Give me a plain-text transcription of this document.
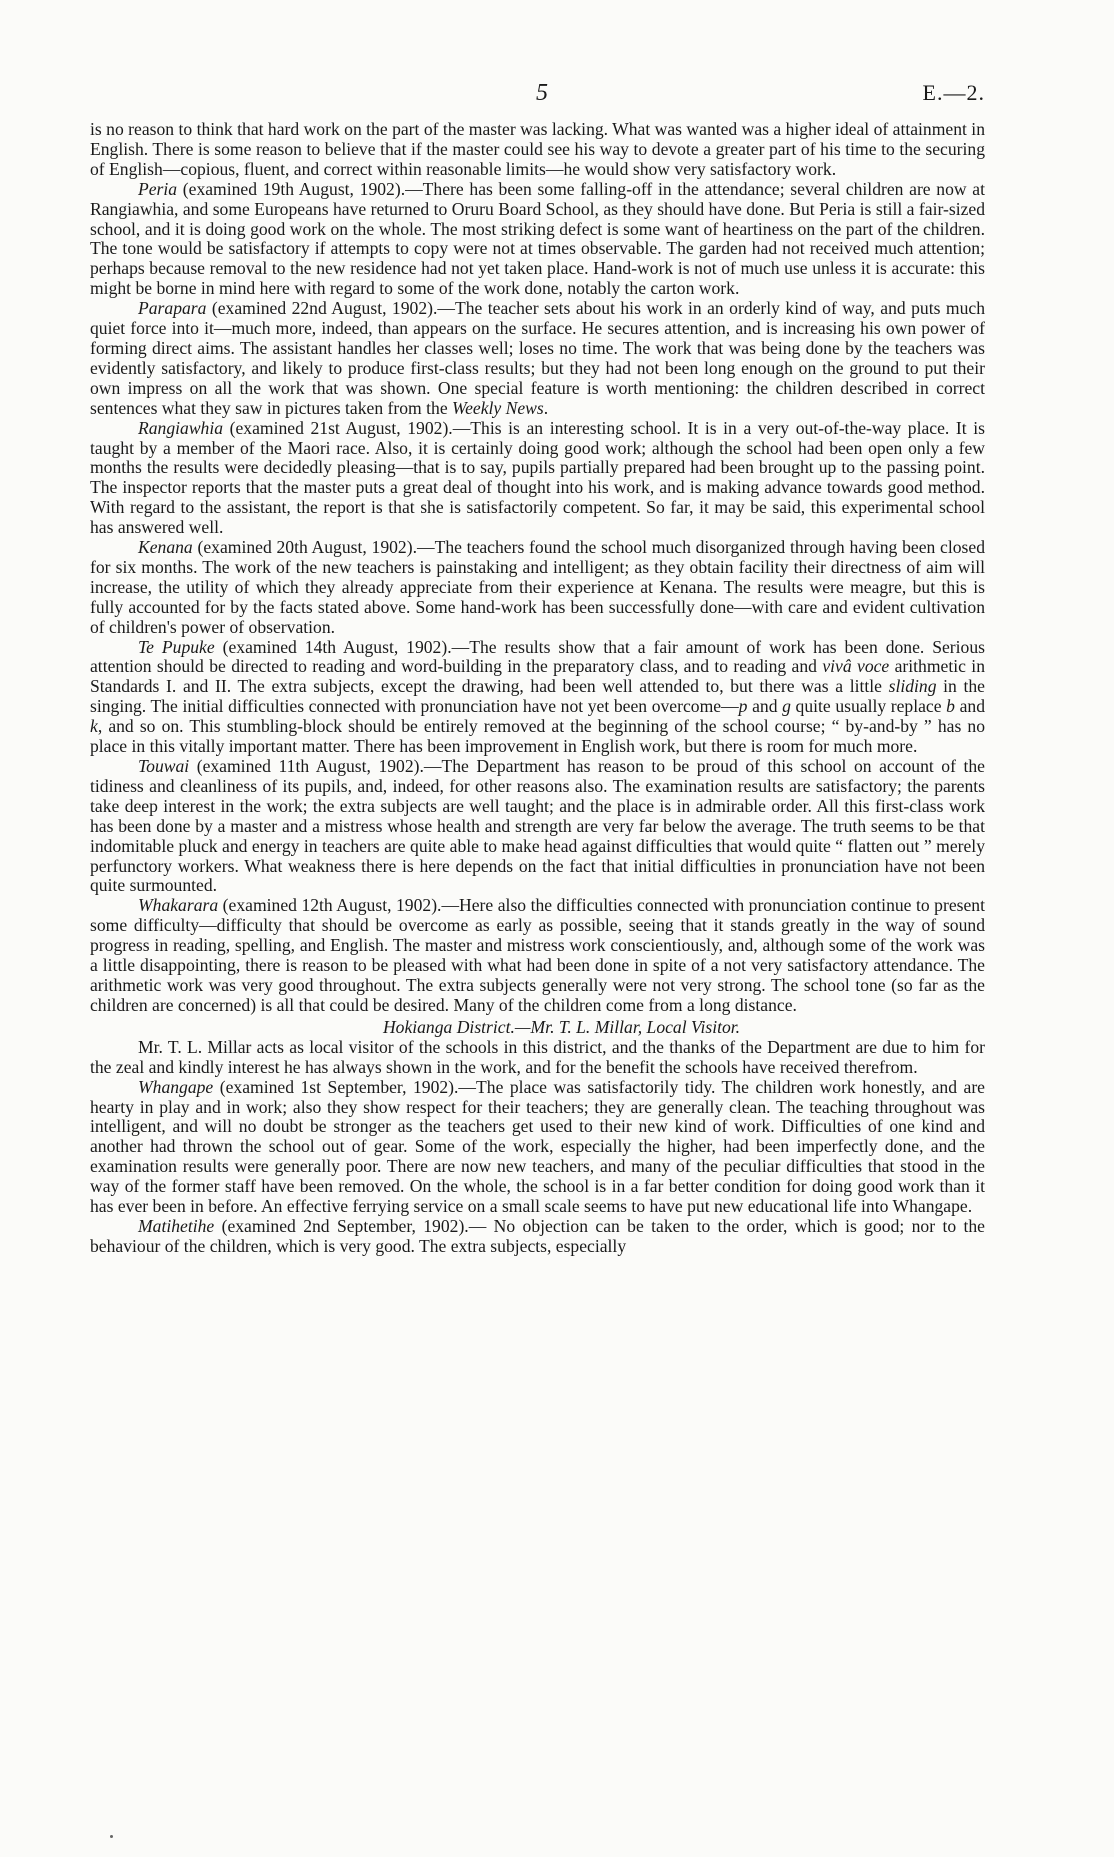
5	E.—2.

is no reason to think that hard work on the part of the master was lacking. What was wanted was a higher ideal of attainment in English. There is some reason to believe that if the master could see his way to devote a greater part of his time to the securing of English—copious, fluent, and correct within reasonable limits—he would show very satisfactory work.

Peria (examined 19th August, 1902).—There has been some falling-off in the attendance; several children are now at Rangiawhia, and some Europeans have returned to Oruru Board School, as they should have done. But Peria is still a fair-sized school, and it is doing good work on the whole. The most striking defect is some want of heartiness on the part of the children. The tone would be satisfactory if attempts to copy were not at times observable. The garden had not received much attention; perhaps because removal to the new residence had not yet taken place. Hand-work is not of much use unless it is accurate: this might be borne in mind here with regard to some of the work done, notably the carton work.

Parapara (examined 22nd August, 1902).—The teacher sets about his work in an orderly kind of way, and puts much quiet force into it—much more, indeed, than appears on the surface. He secures attention, and is increasing his own power of forming direct aims. The assistant handles her classes well; loses no time. The work that was being done by the teachers was evidently satisfactory, and likely to produce first-class results; but they had not been long enough on the ground to put their own impress on all the work that was shown. One special feature is worth mentioning: the children described in correct sentences what they saw in pictures taken from the Weekly News.

Rangiawhia (examined 21st August, 1902).—This is an interesting school. It is in a very out-of-the-way place. It is taught by a member of the Maori race. Also, it is certainly doing good work; although the school had been open only a few months the results were decidedly pleasing—that is to say, pupils partially prepared had been brought up to the passing point. The inspector reports that the master puts a great deal of thought into his work, and is making advance towards good method. With regard to the assistant, the report is that she is satisfactorily competent. So far, it may be said, this experimental school has answered well.

Kenana (examined 20th August, 1902).—The teachers found the school much disorganized through having been closed for six months. The work of the new teachers is painstaking and intelligent; as they obtain facility their directness of aim will increase, the utility of which they already appreciate from their experience at Kenana. The results were meagre, but this is fully accounted for by the facts stated above. Some hand-work has been successfully done—with care and evident cultivation of children's power of observation.

Te Pupuke (examined 14th August, 1902).—The results show that a fair amount of work has been done. Serious attention should be directed to reading and word-building in the preparatory class, and to reading and vivâ voce arithmetic in Standards I. and II. The extra subjects, except the drawing, had been well attended to, but there was a little sliding in the singing. The initial difficulties connected with pronunciation have not yet been overcome—p and g quite usually replace b and k, and so on. This stumbling-block should be entirely removed at the beginning of the school course; “ by-and-by ” has no place in this vitally important matter. There has been improvement in English work, but there is room for much more.

Touwai (examined 11th August, 1902).—The Department has reason to be proud of this school on account of the tidiness and cleanliness of its pupils, and, indeed, for other reasons also. The examination results are satisfactory; the parents take deep interest in the work; the extra subjects are well taught; and the place is in admirable order. All this first-class work has been done by a master and a mistress whose health and strength are very far below the average. The truth seems to be that indomitable pluck and energy in teachers are quite able to make head against difficulties that would quite “ flatten out ” merely perfunctory workers. What weakness there is here depends on the fact that initial difficulties in pronunciation have not been quite surmounted.

Whakarara (examined 12th August, 1902).—Here also the difficulties connected with pronunciation continue to present some difficulty—difficulty that should be overcome as early as possible, seeing that it stands greatly in the way of sound progress in reading, spelling, and English. The master and mistress work conscientiously, and, although some of the work was a little disappointing, there is reason to be pleased with what had been done in spite of a not very satisfactory attendance. The arithmetic work was very good throughout. The extra subjects generally were not very strong. The school tone (so far as the children are concerned) is all that could be desired. Many of the children come from a long distance.

Hokianga District.—Mr. T. L. Millar, Local Visitor.

Mr. T. L. Millar acts as local visitor of the schools in this district, and the thanks of the Department are due to him for the zeal and kindly interest he has always shown in the work, and for the benefit the schools have received therefrom.

Whangape (examined 1st September, 1902).—The place was satisfactorily tidy. The children work honestly, and are hearty in play and in work; also they show respect for their teachers; they are generally clean. The teaching throughout was intelligent, and will no doubt be stronger as the teachers get used to their new kind of work. Difficulties of one kind and another had thrown the school out of gear. Some of the work, especially the higher, had been imperfectly done, and the examination results were generally poor. There are now new teachers, and many of the peculiar difficulties that stood in the way of the former staff have been removed. On the whole, the school is in a far better condition for doing good work than it has ever been in before. An effective ferrying service on a small scale seems to have put new educational life into Whangape.

Matihetihe (examined 2nd September, 1902).— No objection can be taken to the order, which is good; nor to the behaviour of the children, which is very good. The extra subjects, especially
